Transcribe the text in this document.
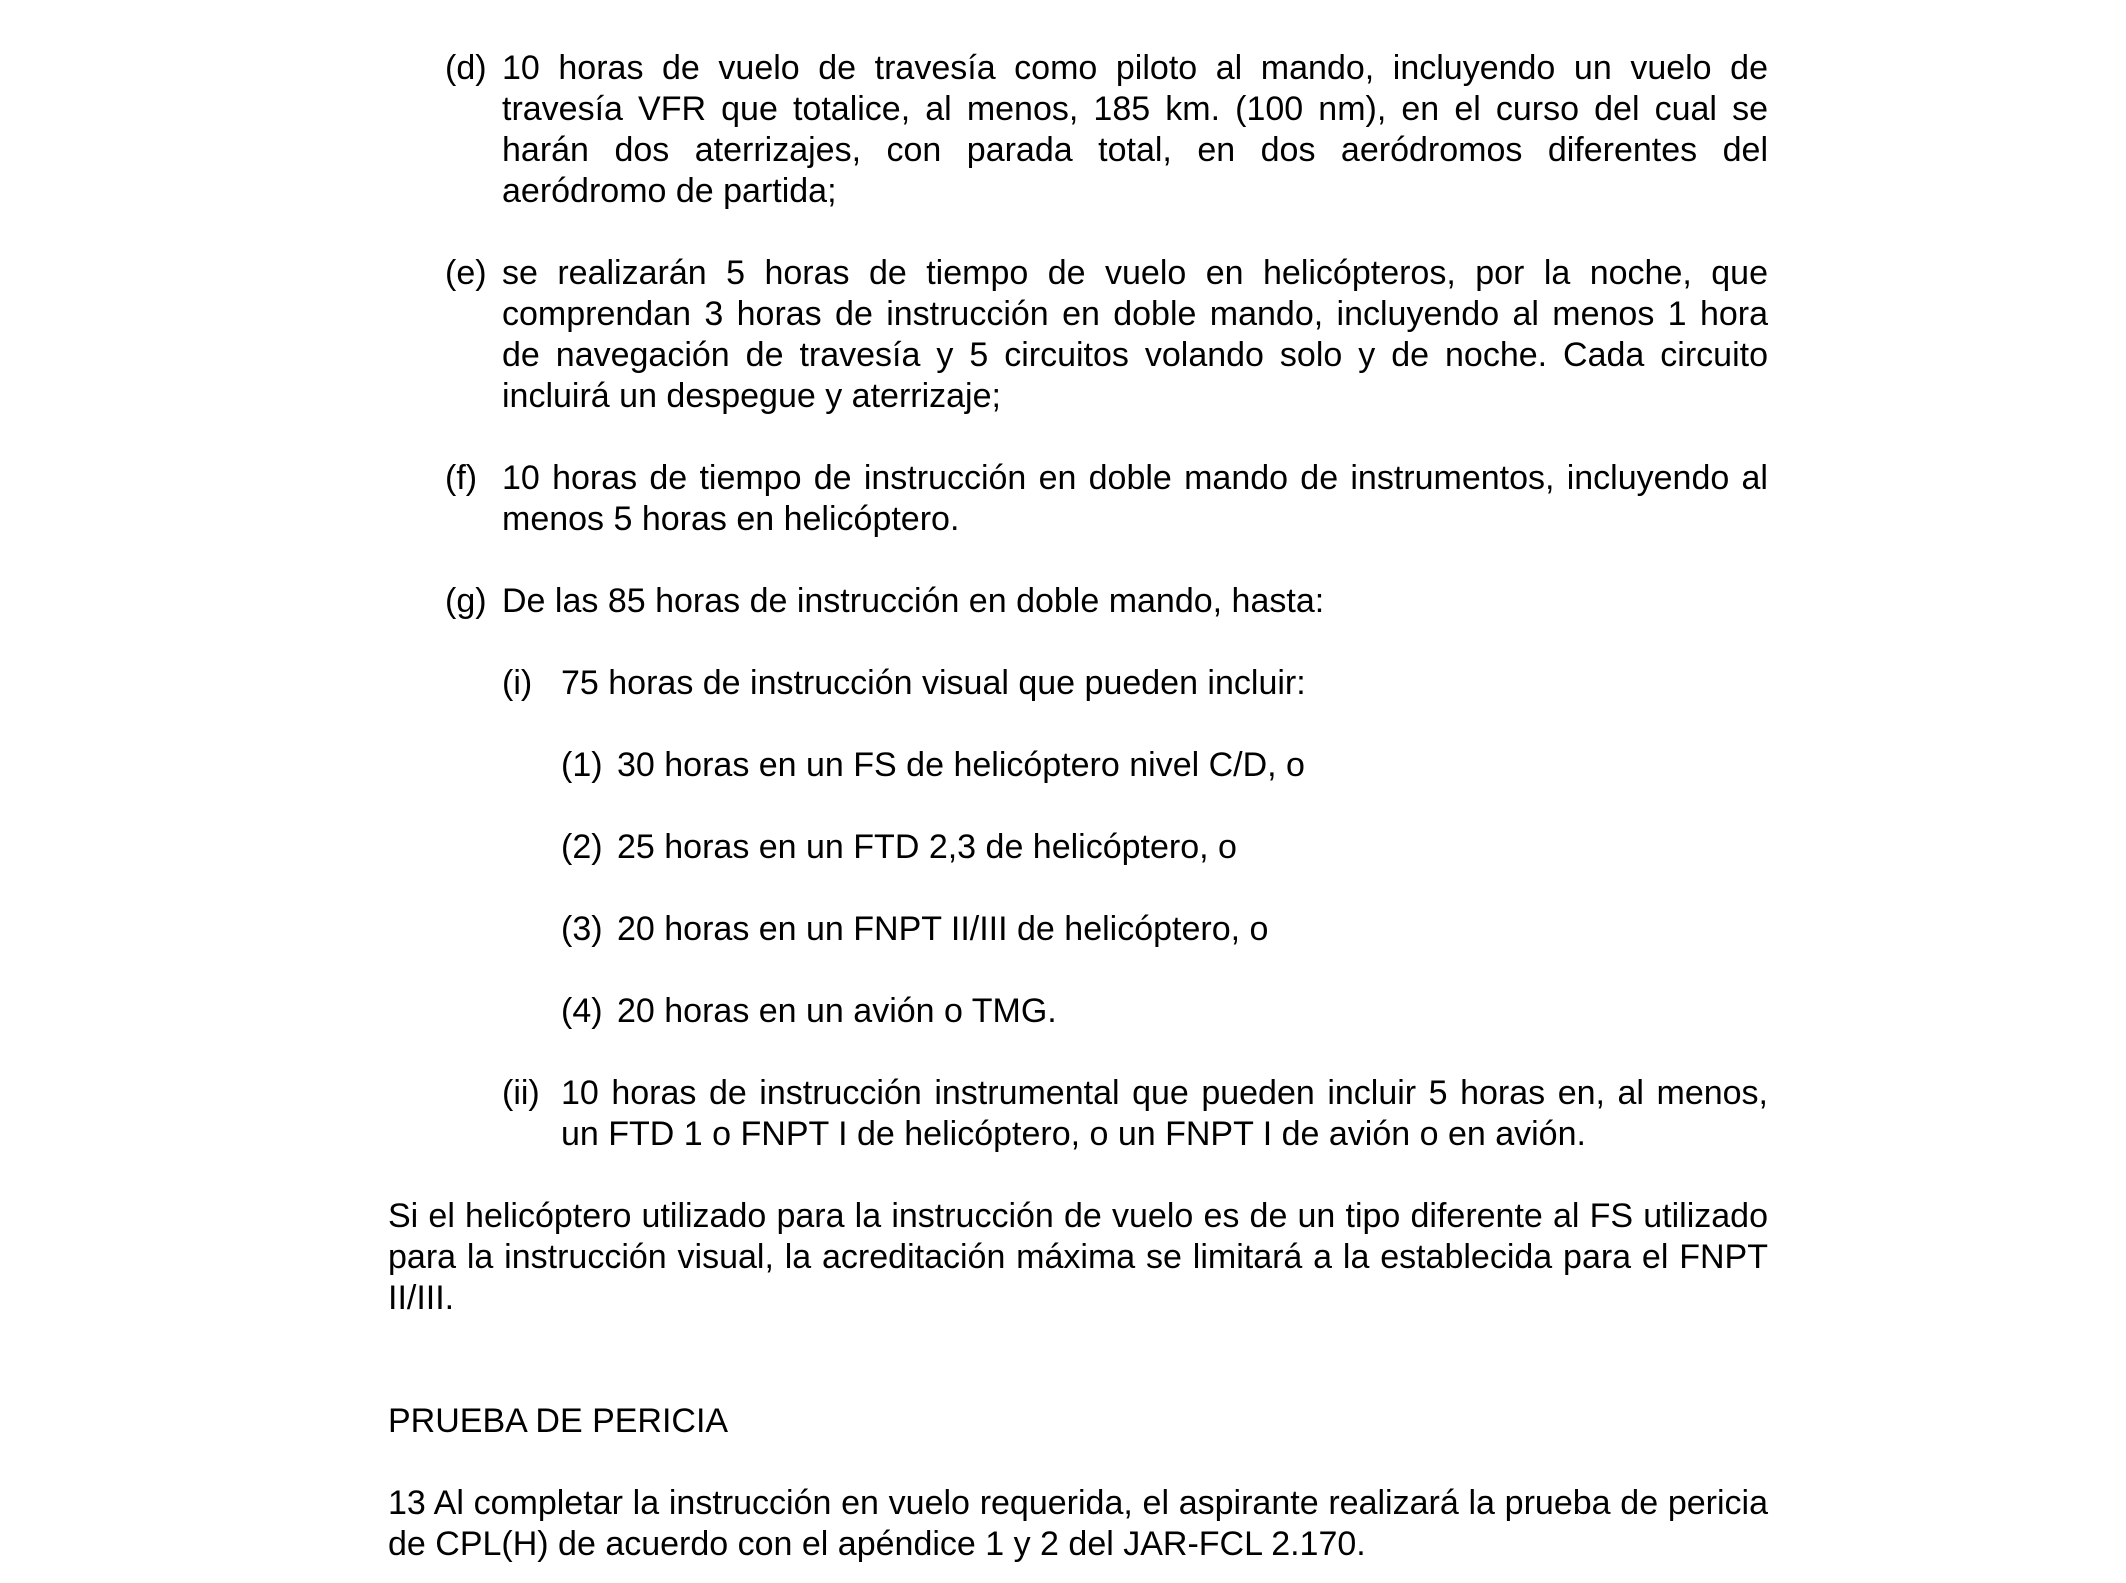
(d) 10 horas de vuelo de travesía como piloto al mando, incluyendo un vuelo de travesía VFR que totalice, al menos, 185 km. (100 nm), en el curso del cual se harán dos aterrizajes, con parada total, en dos aeródromos diferentes del aeródromo de partida;
(e) se realizarán 5 horas de tiempo de vuelo en helicópteros, por la noche, que comprendan 3 horas de instrucción en doble mando, incluyendo al menos 1 hora de navegación de travesía y 5 circuitos volando solo y de noche. Cada circuito incluirá un despegue y aterrizaje;
(f) 10 horas de tiempo de instrucción en doble mando de instrumentos, incluyendo al menos 5 horas en helicóptero.
(g) De las 85 horas de instrucción en doble mando, hasta:
(i) 75 horas de instrucción visual que pueden incluir:
(1) 30 horas en un FS de helicóptero nivel C/D, o
(2) 25 horas en un FTD 2,3 de helicóptero, o
(3) 20 horas en un FNPT II/III de helicóptero, o
(4) 20 horas en un avión o TMG.
(ii) 10 horas de instrucción instrumental que pueden incluir 5 horas en, al menos, un FTD 1 o FNPT I de helicóptero, o un FNPT I de avión o en avión.
Si el helicóptero utilizado para la instrucción de vuelo es de un tipo diferente al FS utilizado para la instrucción visual, la acreditación máxima se limitará a la establecida para el FNPT II/III.
PRUEBA DE PERICIA
13 Al completar la instrucción en vuelo requerida, el aspirante realizará la prueba de pericia de CPL(H) de acuerdo con el apéndice 1 y 2 del JAR-FCL 2.170.
